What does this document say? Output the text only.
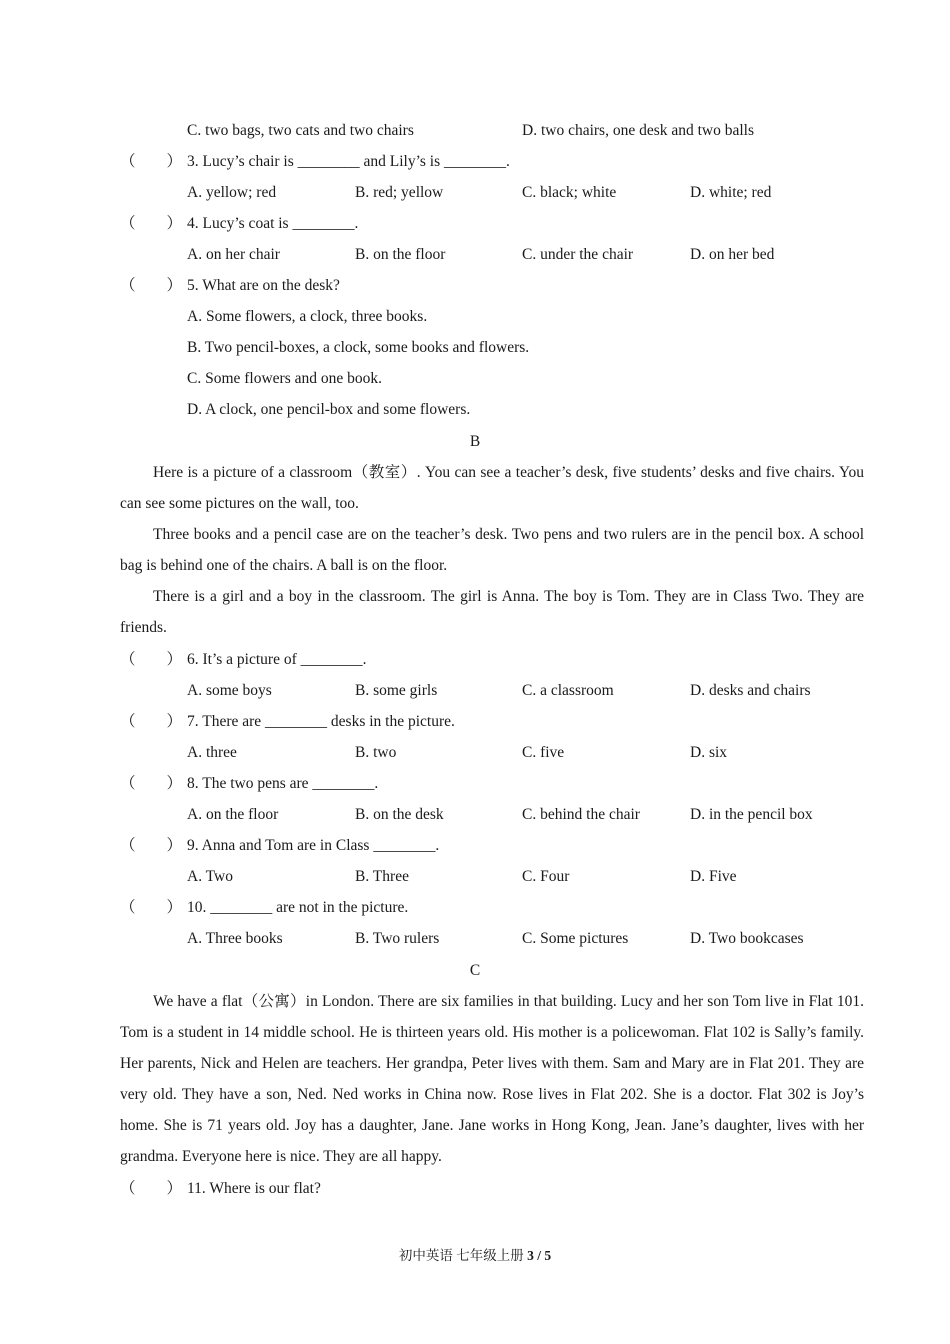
C. two bags, two cats and two chairs	D. two chairs, one desk and two balls
（　　） 3. Lucy’s chair is ________ and Lily’s is ________.
A. yellow; red	B. red; yellow	C. black; white	D. white; red
（　　） 4. Lucy’s coat is ________.
A. on her chair	B. on the floor	C. under the chair	D. on her bed
（　　） 5. What are on the desk?
A. Some flowers, a clock, three books.
B. Two pencil-boxes, a clock, some books and flowers.
C. Some flowers and one book.
D. A clock, one pencil-box and some flowers.
B
Here is a picture of a classroom（教室）. You can see a teacher’s desk, five students’ desks and five chairs. You can see some pictures on the wall, too.
Three books and a pencil case are on the teacher’s desk. Two pens and two rulers are in the pencil box. A school bag is behind one of the chairs. A ball is on the floor.
There is a girl and a boy in the classroom. The girl is Anna. The boy is Tom. They are in Class Two. They are friends.
（　　） 6. It’s a picture of ________.
A. some boys	B. some girls	C. a classroom	D. desks and chairs
（　　） 7. There are ________ desks in the picture.
A. three	B. two	C. five	D. six
（　　） 8. The two pens are ________.
A. on the floor	B. on the desk	C. behind the chair	D. in the pencil box
（　　） 9. Anna and Tom are in Class ________.
A. Two	B. Three	C. Four	D. Five
（　　） 10. ________ are not in the picture.
A. Three books	B. Two rulers	C. Some pictures	D. Two bookcases
C
We have a flat（公寓）in London. There are six families in that building. Lucy and her son Tom live in Flat 101. Tom is a student in 14 middle school. He is thirteen years old. His mother is a policewoman. Flat 102 is Sally’s family. Her parents, Nick and Helen are teachers. Her grandpa, Peter lives with them. Sam and Mary are in Flat 201. They are very old. They have a son, Ned. Ned works in China now. Rose lives in Flat 202. She is a doctor. Flat 302 is Joy’s home. She is 71 years old. Joy has a daughter, Jane. Jane works in Hong Kong, Jean. Jane’s daughter, lives with her grandma. Everyone here is nice. They are all happy.
（　　） 11. Where is our flat?
初中英语 七年级上册 3 / 5
